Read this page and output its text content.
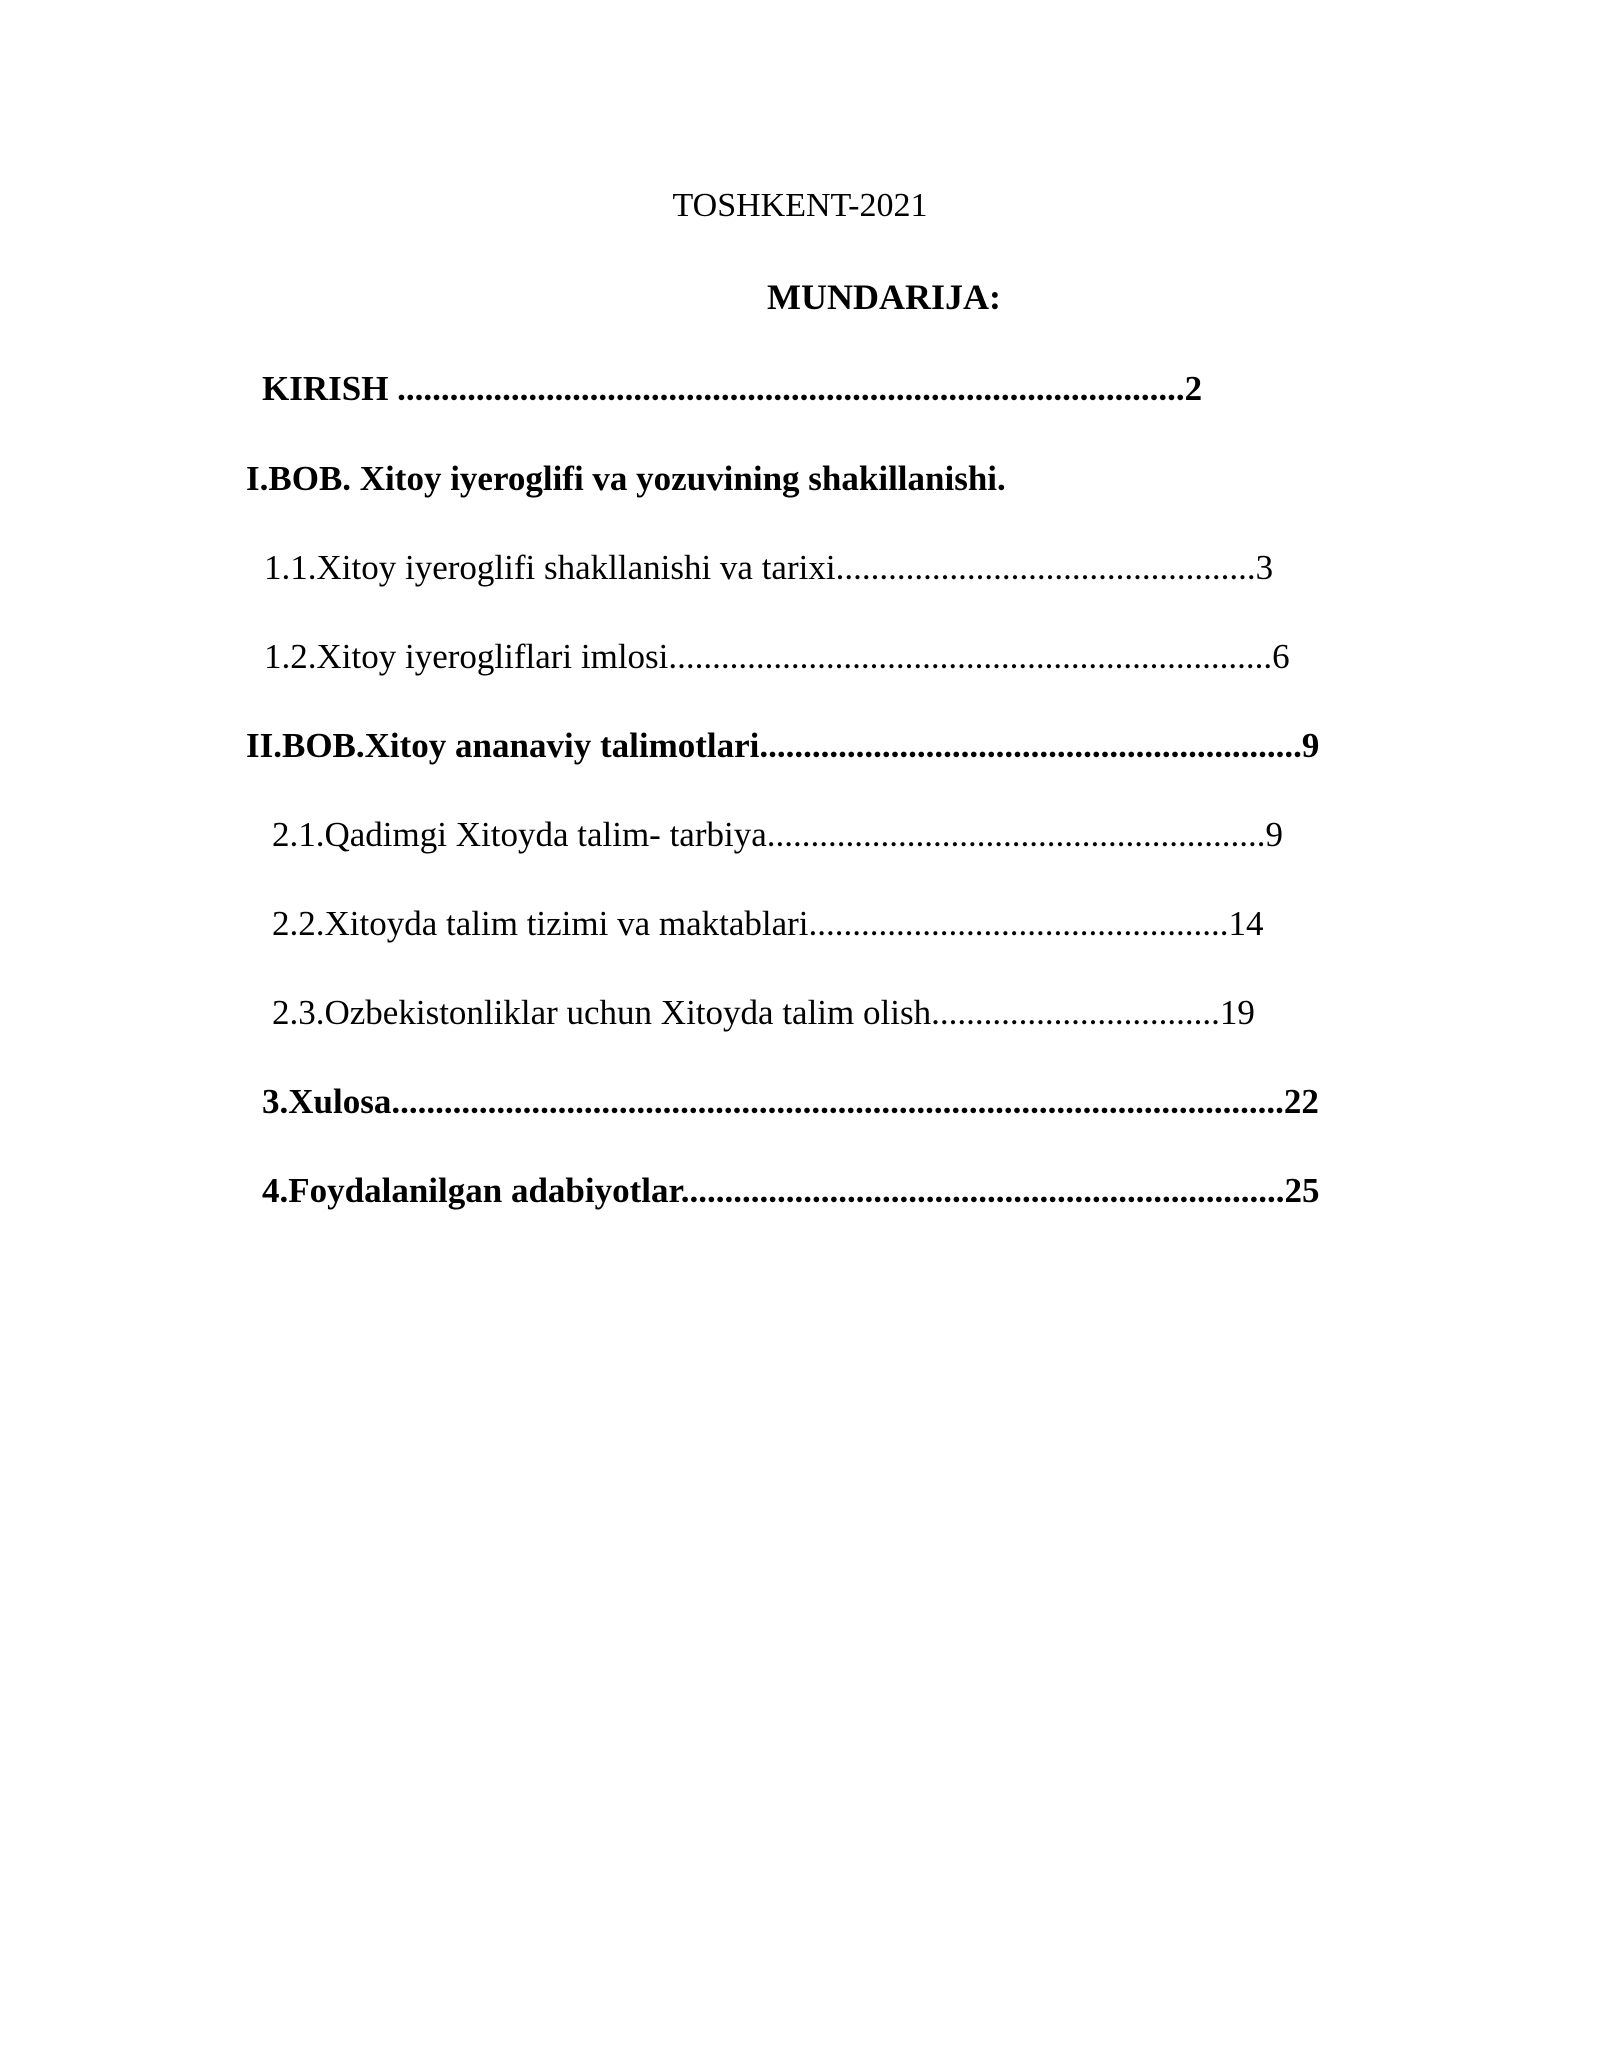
TOSHKENT-2021
MUNDARIJA:
KIRISH ..........................................................................................2
I.BOB. Xitoy iyeroglifi va yozuvining shakillanishi.
1.1.Xitoy iyeroglifi shakllanishi va tarixi................................................3
1.2.Xitoy iyerogliflari imlosi.....................................................................6
II.BOB.Xitoy ananaviy talimotlari..............................................................9
2.1.Qadimgi Xitoyda talim- tarbiya.........................................................9
2.2.Xitoyda talim tizimi va maktablari................................................14
2.3.Ozbekistonliklar uchun Xitoyda talim olish.................................19
3.Xulosa......................................................................................................22
4.Foydalanilgan adabiyotlar.....................................................................25
